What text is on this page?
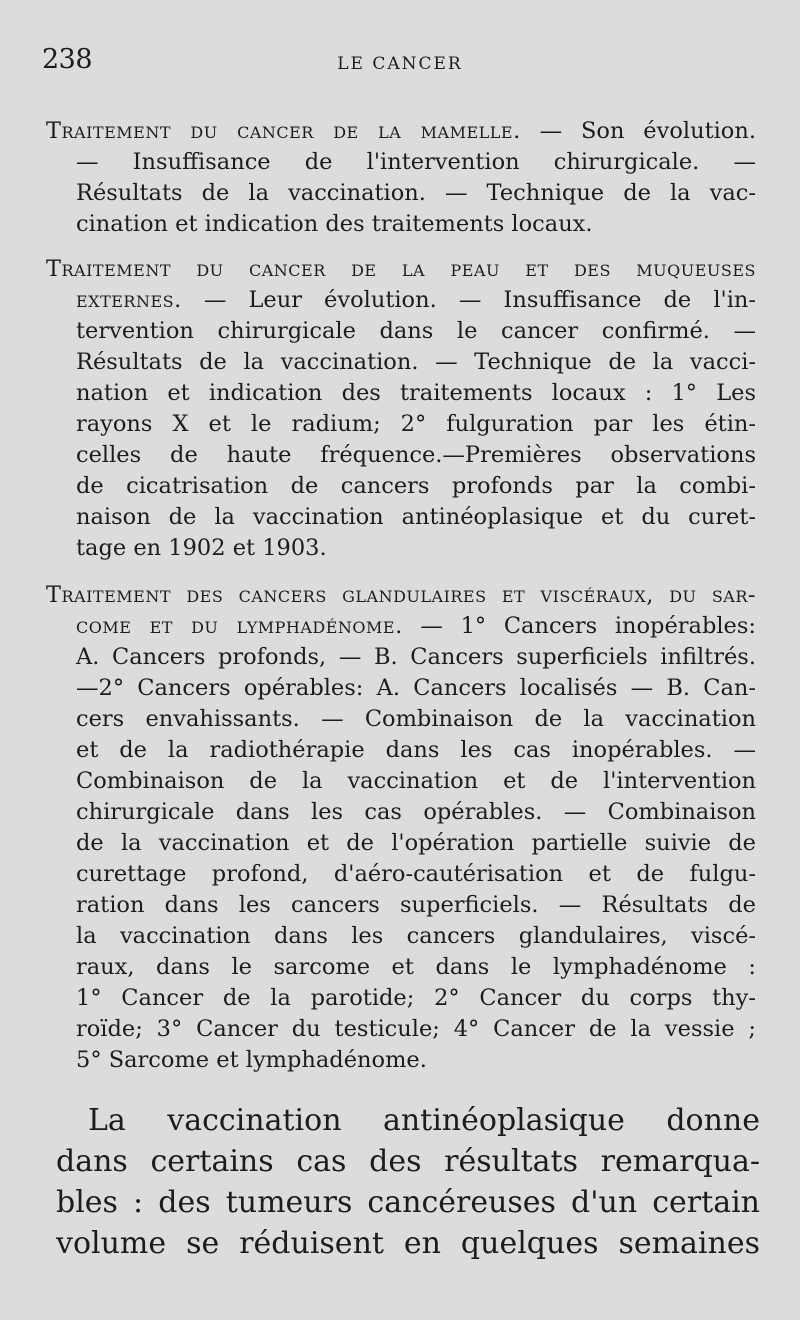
238	LE CANCER
Traitement du cancer de la mamelle. — Son évolution.
— Insuffisance de l'intervention chirurgicale. —
Résultats de la vaccination. — Technique de la vac-
cination et indication des traitements locaux.
Traitement du cancer de la peau et des muqueuses
externes. — Leur évolution. — Insuffisance de l'in-
tervention chirurgicale dans le cancer confirmé. —
Résultats de la vaccination. — Technique de la vacci-
nation et indication des traitements locaux : 1° Les
rayons X et le radium; 2° fulguration par les étin-
celles de haute fréquence.—Premières observations
de cicatrisation de cancers profonds par la combi-
naison de la vaccination antinéoplasique et du curet-
tage en 1902 et 1903.
Traitement des cancers glandulaires et viscéraux, du sar-
come et du lymphadénome. — 1° Cancers inopérables:
A. Cancers profonds, — B. Cancers superficiels infiltrés.
—2° Cancers opérables: A. Cancers localisés — B. Can-
cers envahissants. — Combinaison de la vaccination
et de la radiothérapie dans les cas inopérables. —
Combinaison de la vaccination et de l'intervention
chirurgicale dans les cas opérables. — Combinaison
de la vaccination et de l'opération partielle suivie de
curettage profond, d'aéro-cautérisation et de fulgu-
ration dans les cancers superficiels. — Résultats de
la vaccination dans les cancers glandulaires, viscé-
raux, dans le sarcome et dans le lymphadénome :
1° Cancer de la parotide; 2° Cancer du corps thy-
roïde; 3° Cancer du testicule; 4° Cancer de la vessie ;
5° Sarcome et lymphadénome.
La vaccination antinéoplasique donne
dans certains cas des résultats remarqua-
bles : des tumeurs cancéreuses d'un certain
volume se réduisent en quelques semaines
